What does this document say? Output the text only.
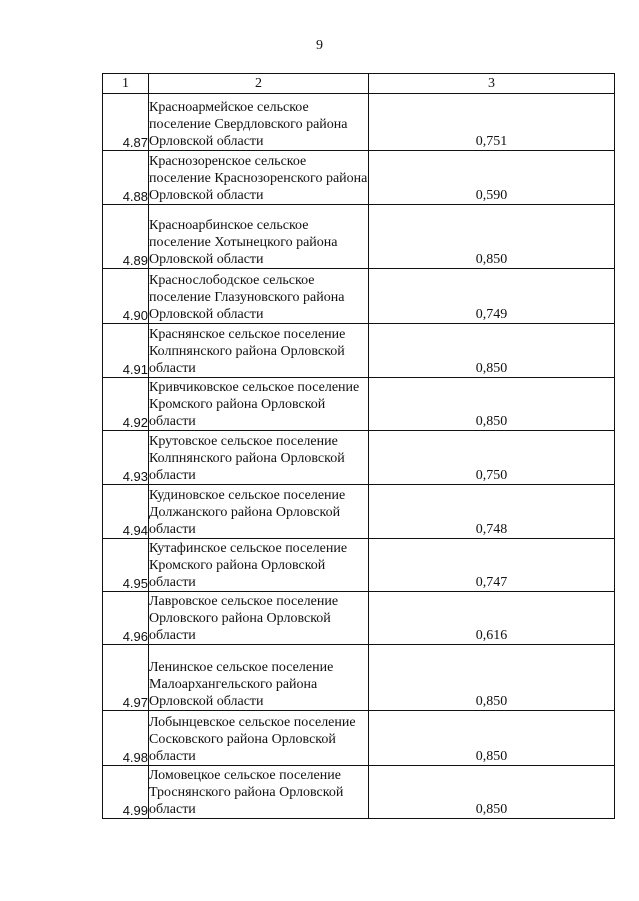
9
1	2	3
4.87	Красноармейское сельское поселение Свердловского района Орловской области	0,751
4.88	Краснозоренское сельское поселение Краснозоренского района Орловской области	0,590
4.89	Красноарбинское сельское поселение Хотынецкого района Орловской области	0,850
4.90	Краснослободское сельское поселение Глазуновского района Орловской области	0,749
4.91	Краснянское сельское поселение Колпнянского района Орловской области	0,850
4.92	Кривчиковское сельское поселение Кромского района Орловской области	0,850
4.93	Крутовское сельское поселение Колпнянского района Орловской области	0,750
4.94	Кудиновское сельское поселение Должанского района Орловской области	0,748
4.95	Кутафинское сельское поселение Кромского района Орловской области	0,747
4.96	Лавровское сельское поселение Орловского района Орловской области	0,616
4.97	Ленинское сельское поселение Малоархангельского района Орловской области	0,850
4.98	Лобынцевское сельское поселение Сосковского района Орловской области	0,850
4.99	Ломовецкое сельское поселение Троснянского района Орловской области	0,850
